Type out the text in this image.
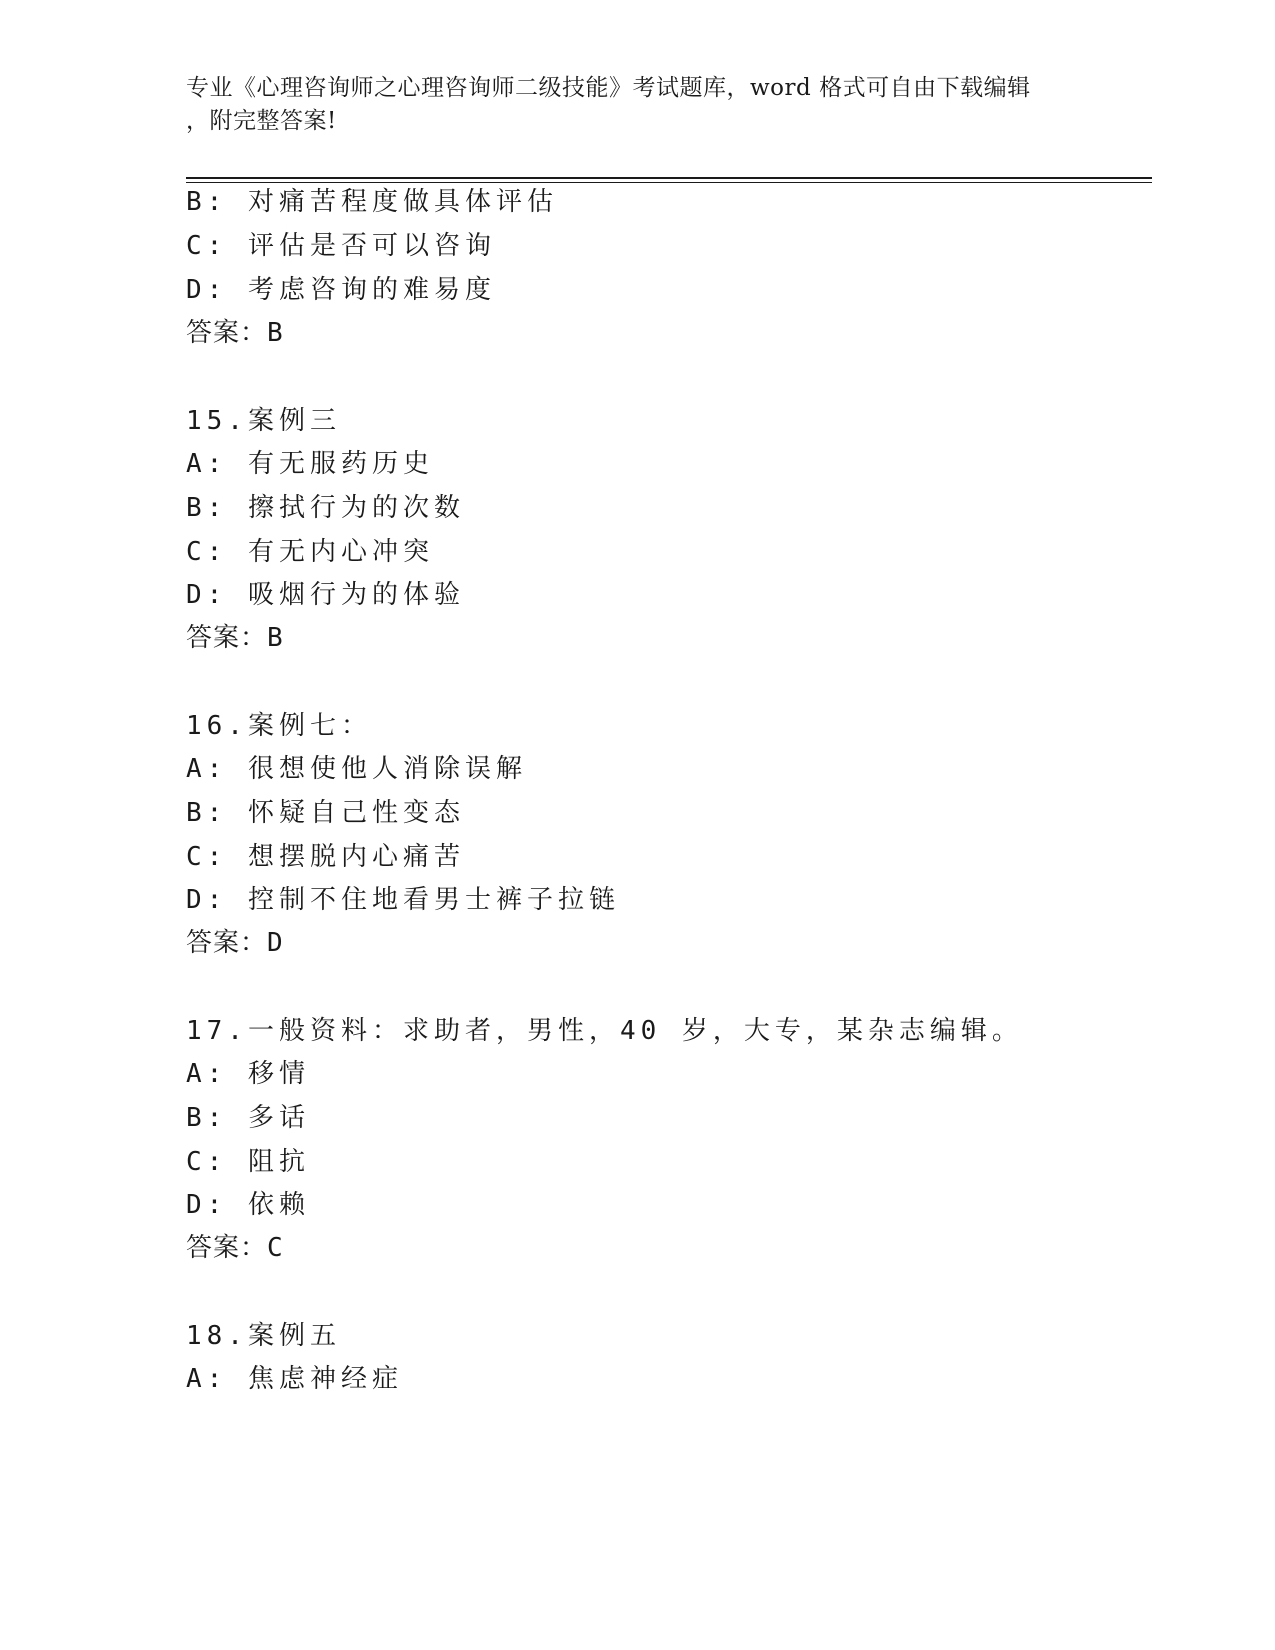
专业《心理咨询师之心理咨询师二级技能》考试题库，word 格式可自由下载编辑
，附完整答案!
B: 对痛苦程度做具体评估
C: 评估是否可以咨询
D: 考虑咨询的难易度
答案：B
15.案例三
A: 有无服药历史
B: 擦拭行为的次数
C: 有无内心冲突
D: 吸烟行为的体验
答案：B
16.案例七：
A: 很想使他人消除误解
B: 怀疑自己性变态
C: 想摆脱内心痛苦
D: 控制不住地看男士裤子拉链
答案：D
17.一般资料：求助者，男性，40 岁，大专，某杂志编辑。
A: 移情
B: 多话
C: 阻抗
D: 依赖
答案：C
18.案例五
A: 焦虑神经症
